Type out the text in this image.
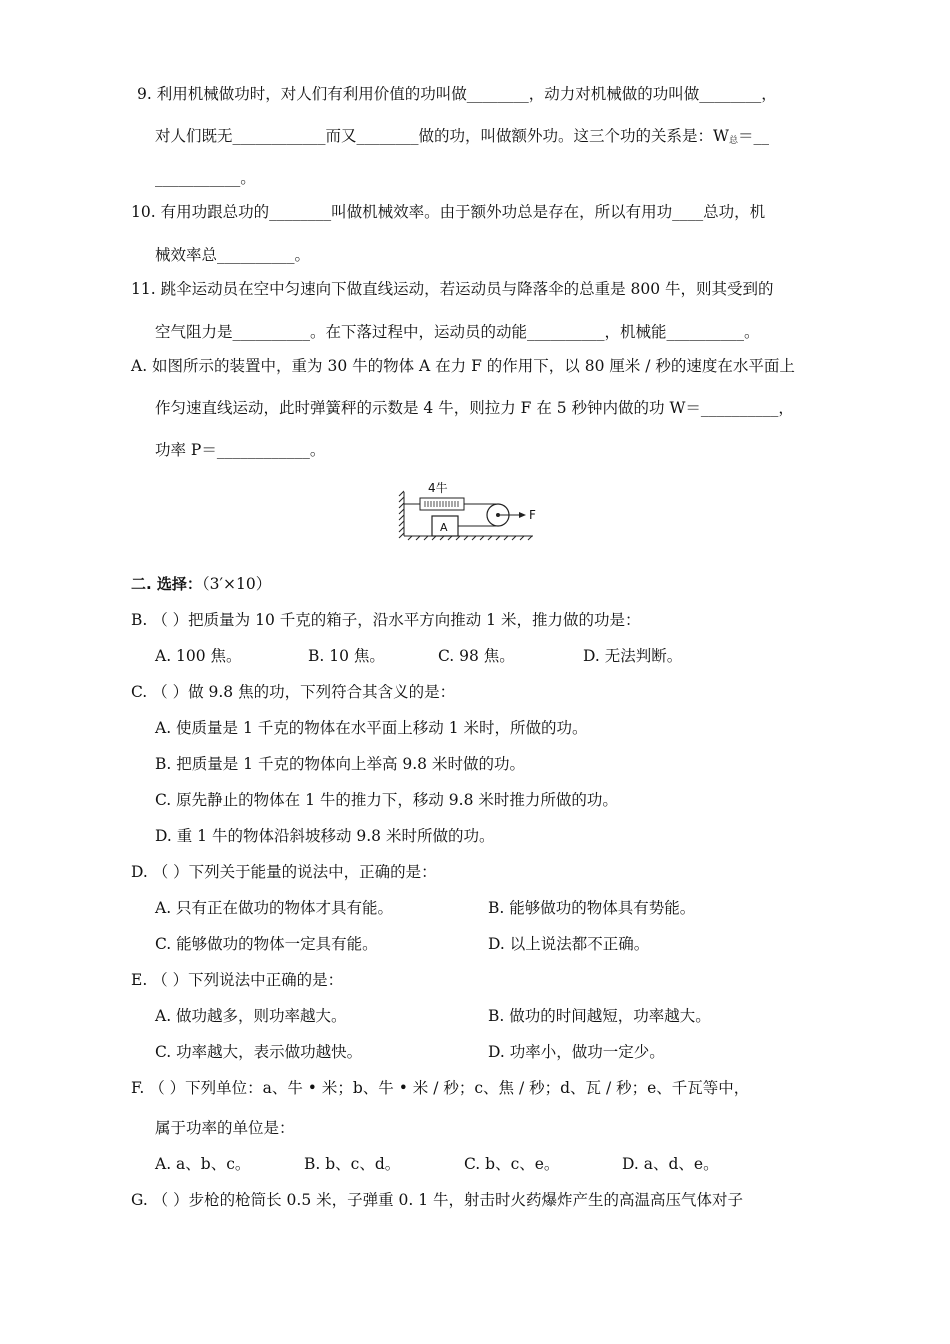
9. 利用机械做功时，对人们有利用价值的功叫做________，动力对机械做的功叫做________，
对人们既无____________而又________做的功，叫做额外功。这三个功的关系是：$W_总=\_\_$
___________。
10. 有用功跟总功的________叫做机械效率。由于额外功总是存在，所以有用功____总功，机
械效率总__________。
11. 跳伞运动员在空中匀速向下做直线运动，若运动员与降落伞的总重是 800 牛，则其受到的
空气阻力是__________。在下落过程中，运动员的动能__________，机械能__________。
A. 如图所示的装置中，重为 30 牛的物体 A 在力 F 的作用下，以 80 厘米 / 秒的速度在水平面上
作匀速直线运动，此时弹簧秤的示数是 4 牛，则拉力 F 在 5 秒钟内做的功 W＝__________，
功率 P＝____________。
4牛
A
F
二. 选择：（3′×10）
B. （ ）把质量为 10 千克的箱子，沿水平方向推动 1 米，推力做的功是：
A. 100 焦。	B. 10 焦。	C. 98 焦。	D. 无法判断。
C. （ ）做 9.8 焦的功，下列符合其含义的是：
A. 使质量是 1 千克的物体在水平面上移动 1 米时，所做的功。
B. 把质量是 1 千克的物体向上举高 9.8 米时做的功。
C. 原先静止的物体在 1 牛的推力下，移动 9.8 米时推力所做的功。
D. 重 1 牛的物体沿斜坡移动 9.8 米时所做的功。
D. （ ）下列关于能量的说法中，正确的是：
A. 只有正在做功的物体才具有能。	B. 能够做功的物体具有势能。
C. 能够做功的物体一定具有能。	D. 以上说法都不正确。
E. （ ）下列说法中正确的是：
A. 做功越多，则功率越大。	B. 做功的时间越短，功率越大。
C. 功率越大，表示做功越快。	D. 功率小，做功一定少。
F. （ ）下列单位：a、牛 • 米；b、牛 • 米 / 秒；c、焦 / 秒；d、瓦 / 秒；e、千瓦等中，
属于功率的单位是：
A. a、b、c。	B. b、c、d。	C. b、c、e。	D. a、d、e。
G. （ ）步枪的枪筒长 0.5 米，子弹重 0. 1 牛，射击时火药爆炸产生的高温高压气体对子
